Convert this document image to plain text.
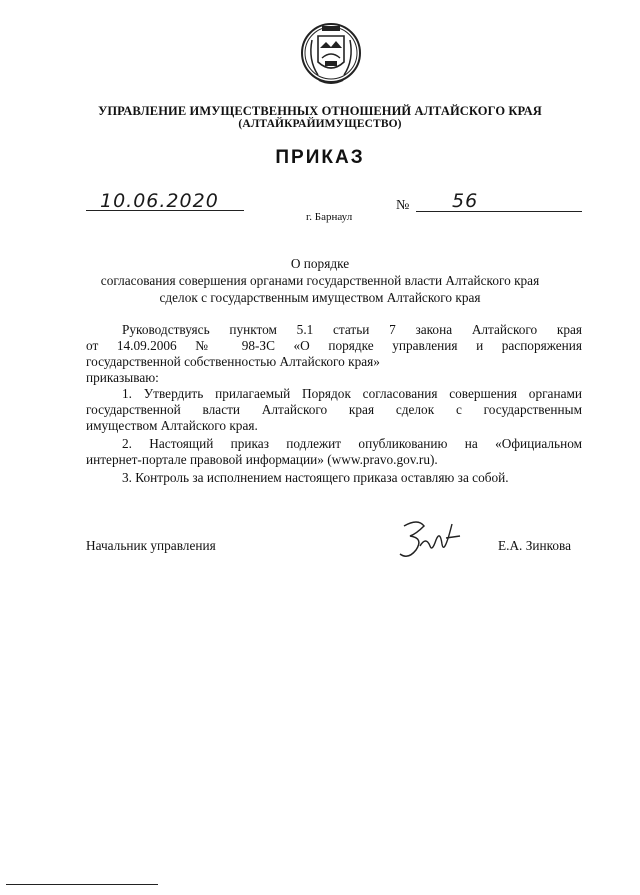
УПРАВЛЕНИЕ ИМУЩЕСТВЕННЫХ ОТНОШЕНИЙ АЛТАЙСКОГО КРАЯ
(АЛТАЙКРАЙИМУЩЕСТВО)
ПРИКАЗ
10.06.2020	№ 56
г. Барнаул
О порядке
согласования совершения органами государственной власти Алтайского края
сделок с государственным имуществом Алтайского края
Руководствуясь пунктом 5.1 статьи 7 закона Алтайского края
от 14.09.2006 № 98-ЗС «О порядке управления и распоряжения
государственной собственностью Алтайского края»
приказываю:
1. Утвердить прилагаемый Порядок согласования совершения органами
государственной власти Алтайского края сделок с государственным
имуществом Алтайского края.
2. Настоящий приказ подлежит опубликованию на «Официальном
интернет-портале правовой информации» (www.pravo.gov.ru).
3. Контроль за исполнением настоящего приказа оставляю за собой.
Начальник управления	Е.А. Зинкова
